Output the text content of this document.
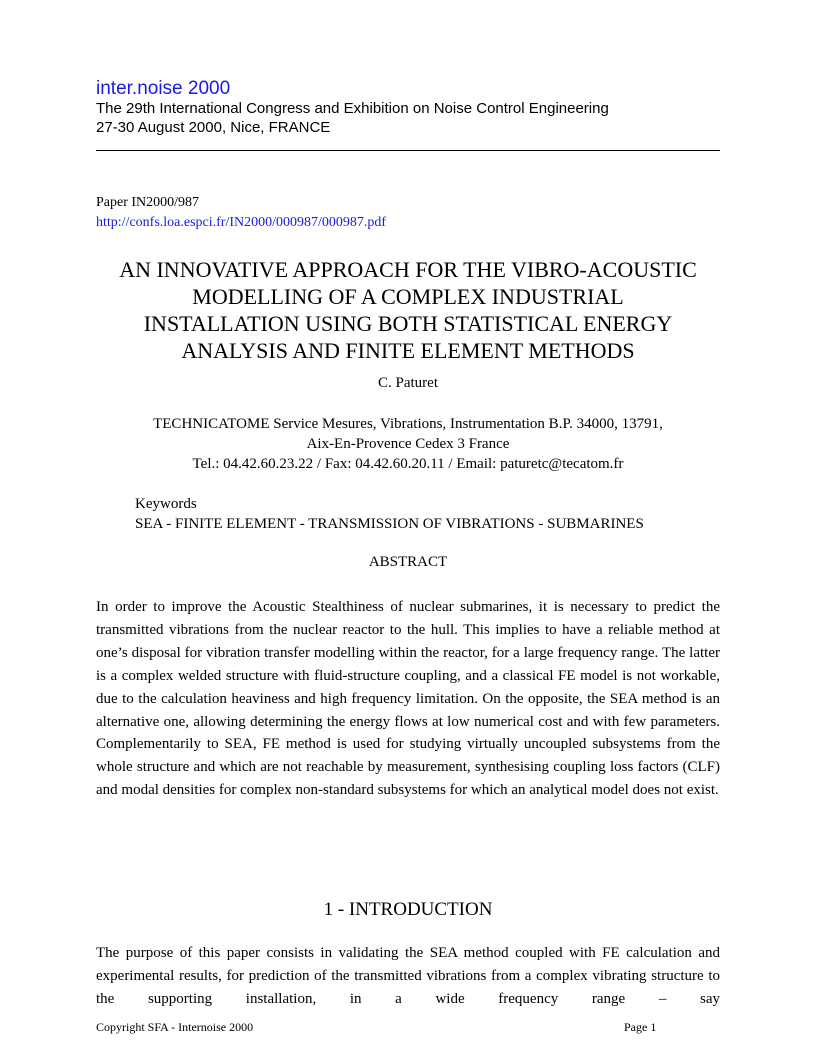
inter.noise 2000
The 29th International Congress and Exhibition on Noise Control Engineering
27-30 August 2000, Nice, FRANCE
Paper IN2000/987
http://confs.loa.espci.fr/IN2000/000987/000987.pdf
AN INNOVATIVE APPROACH FOR THE VIBRO-ACOUSTIC
MODELLING OF A COMPLEX INDUSTRIAL
INSTALLATION USING BOTH STATISTICAL ENERGY
ANALYSIS AND FINITE ELEMENT METHODS
C. Paturet
TECHNICATOME Service Mesures, Vibrations, Instrumentation B.P. 34000, 13791,
Aix-En-Provence Cedex 3 France
Tel.: 04.42.60.23.22 / Fax: 04.42.60.20.11 / Email: paturetc@tecatom.fr
Keywords
SEA - FINITE ELEMENT - TRANSMISSION OF VIBRATIONS - SUBMARINES
ABSTRACT

In order to improve the Acoustic Stealthiness of nuclear submarines, it is necessary to predict the transmitted vibrations from the nuclear reactor to the hull. This implies to have a reliable method at one’s disposal for vibration transfer modelling within the reactor, for a large frequency range. The latter is a complex welded structure with fluid-structure coupling, and a classical FE model is not workable, due to the calculation heaviness and high frequency limitation. On the opposite, the SEA method is an alternative one, allowing determining the energy flows at low numerical cost and with few parameters. Complementarily to SEA, FE method is used for studying virtually uncoupled subsystems from the whole structure and which are not reachable by measurement, synthesising coupling loss factors (CLF) and modal densities for complex non-standard subsystems for which an analytical model does not exist.

1 - INTRODUCTION

The purpose of this paper consists in validating the SEA method coupled with FE calculation and experimental results, for prediction of the transmitted vibrations from a complex vibrating structure to the supporting installation, in a wide frequency range – say

Copyright SFA - Internoise 2000	Page 1
